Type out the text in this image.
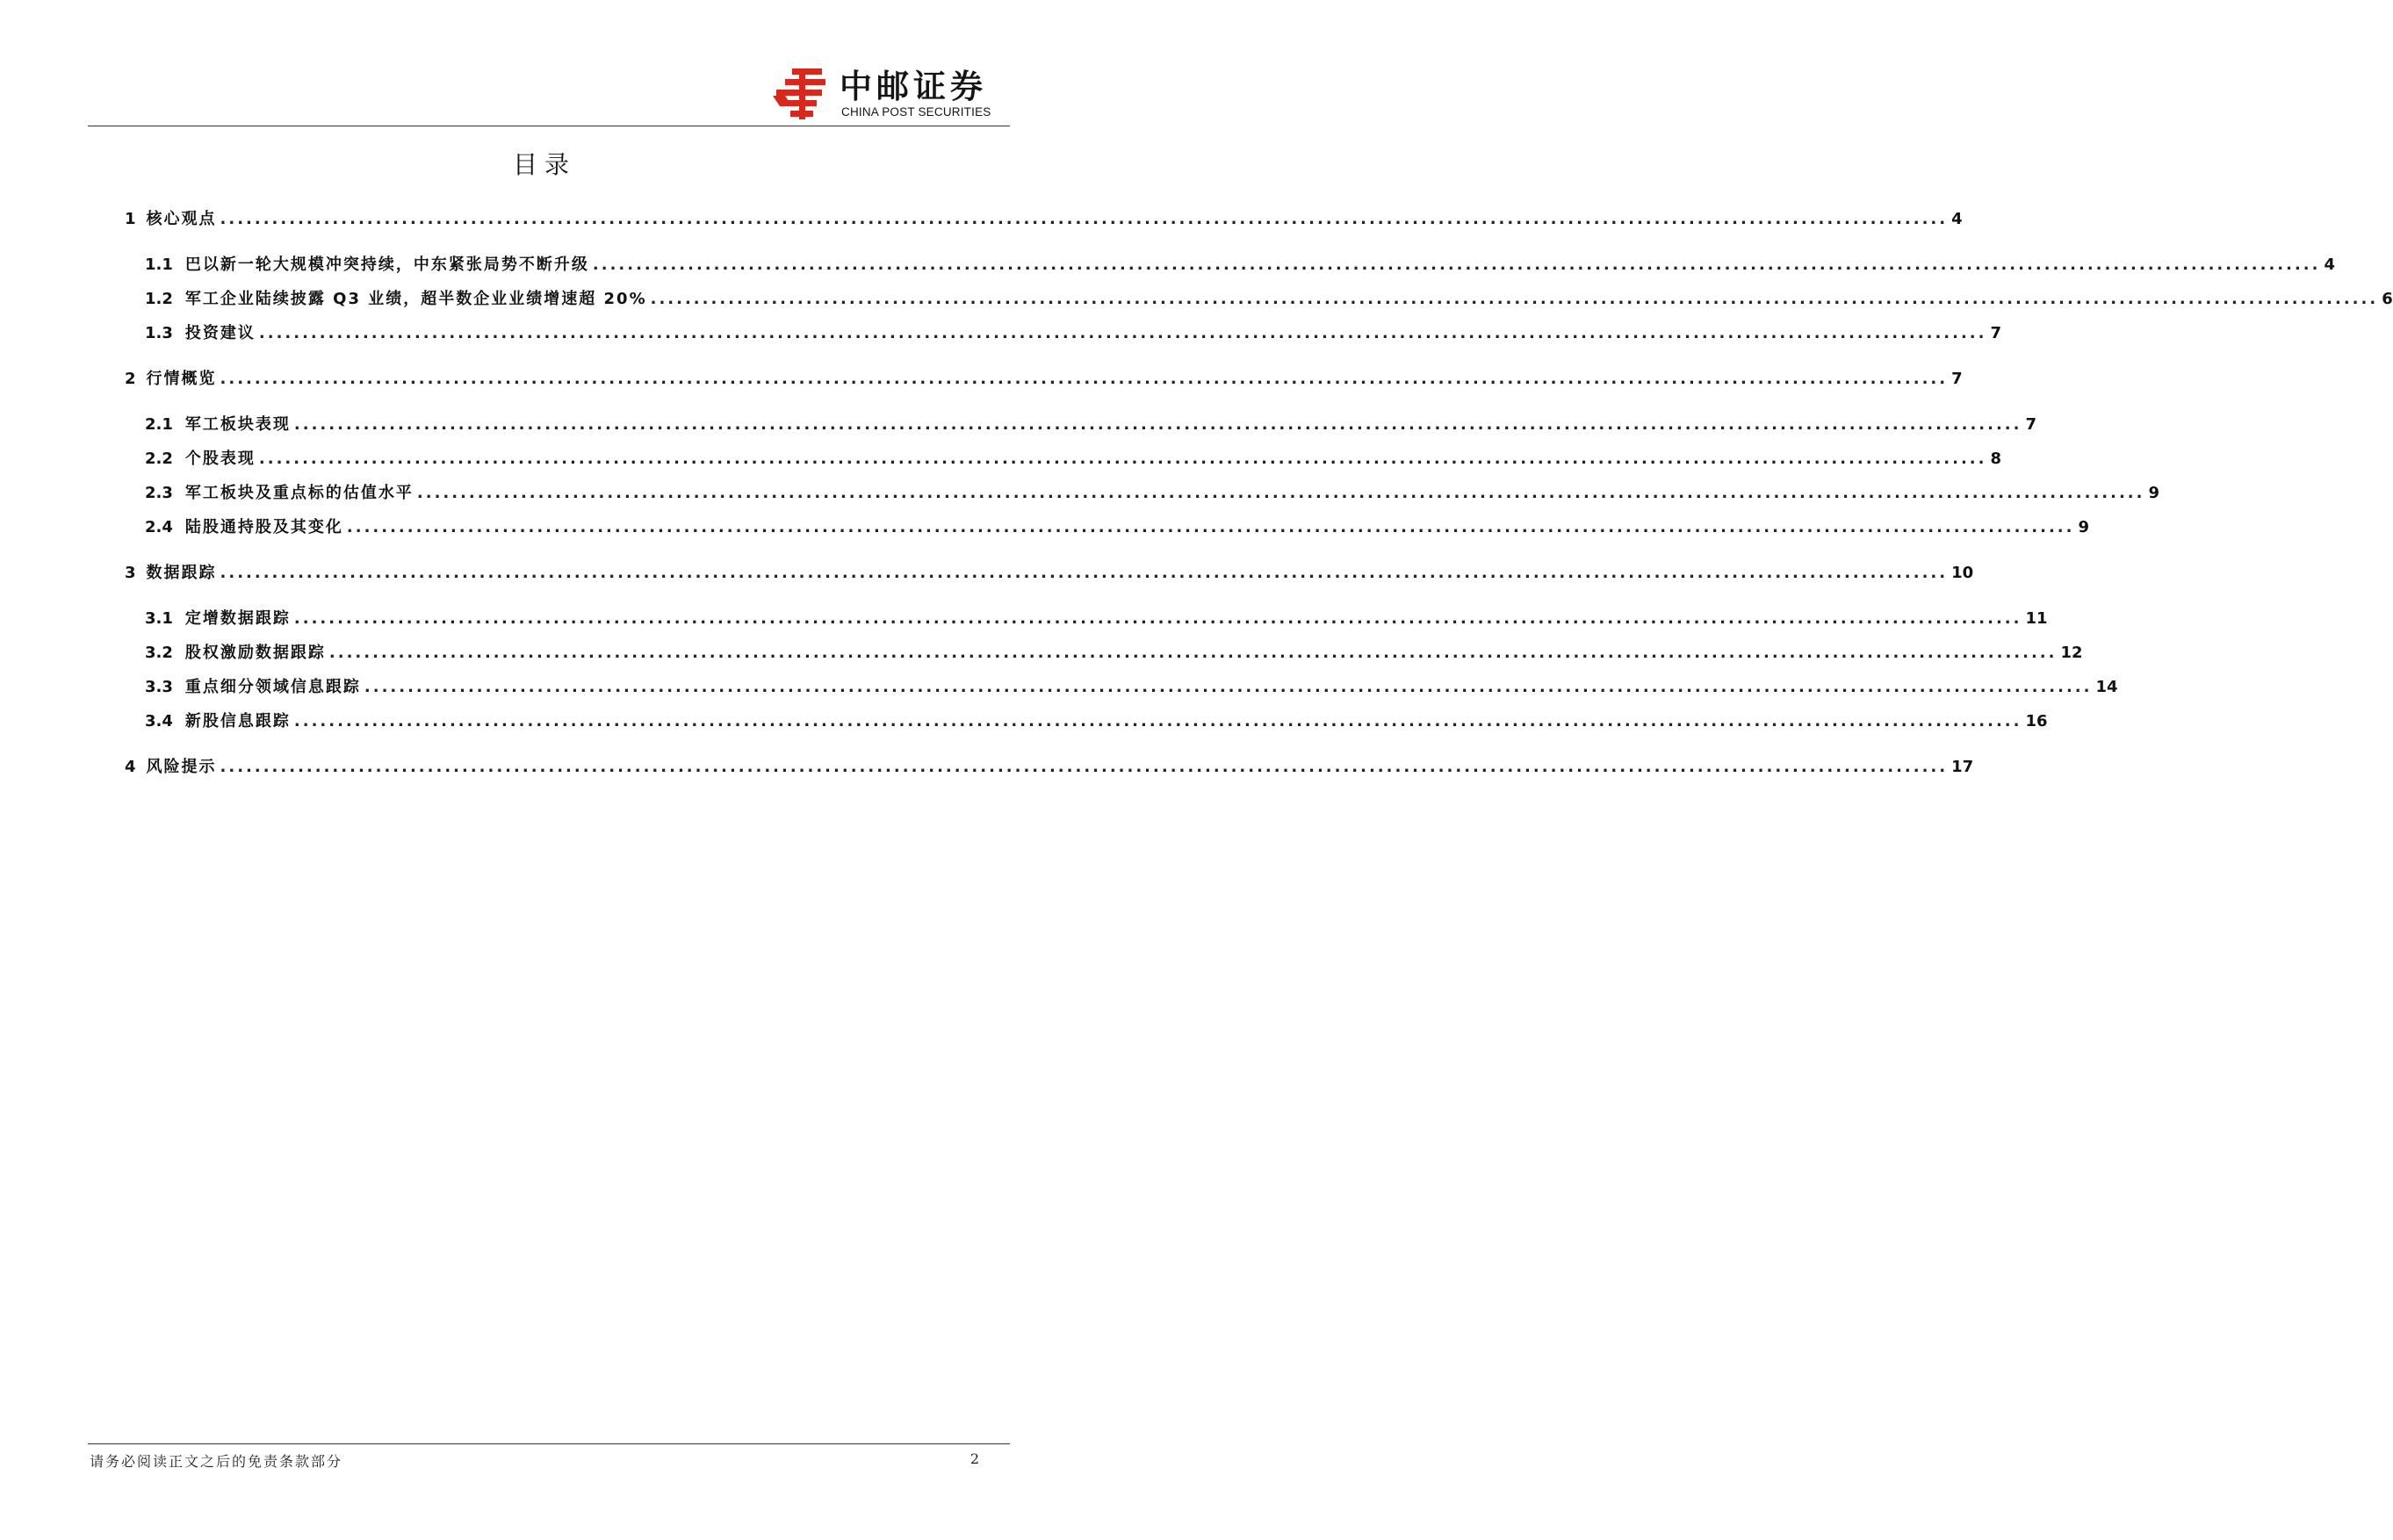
中邮证券
CHINA POST SECURITIES
目录
1 核心观点 ........................................................................................................................................................................................................ 4
1.1 巴以新一轮大规模冲突持续，中东紧张局势不断升级 ........................................................................................................................................................................................................ 4
1.2 军工企业陆续披露 Q3 业绩，超半数企业业绩增速超 20% ........................................................................................................................................................................................................ 6
1.3 投资建议 ........................................................................................................................................................................................................ 7
2 行情概览 ........................................................................................................................................................................................................ 7
2.1 军工板块表现 ........................................................................................................................................................................................................ 7
2.2 个股表现 ........................................................................................................................................................................................................ 8
2.3 军工板块及重点标的估值水平 ........................................................................................................................................................................................................ 9
2.4 陆股通持股及其变化 ........................................................................................................................................................................................................ 9
3 数据跟踪 ........................................................................................................................................................................................................ 10
3.1 定增数据跟踪 ........................................................................................................................................................................................................ 11
3.2 股权激励数据跟踪 ........................................................................................................................................................................................................ 12
3.3 重点细分领域信息跟踪 ........................................................................................................................................................................................................ 14
3.4 新股信息跟踪 ........................................................................................................................................................................................................ 16
4 风险提示 ........................................................................................................................................................................................................ 17
请务必阅读正文之后的免责条款部分	2
